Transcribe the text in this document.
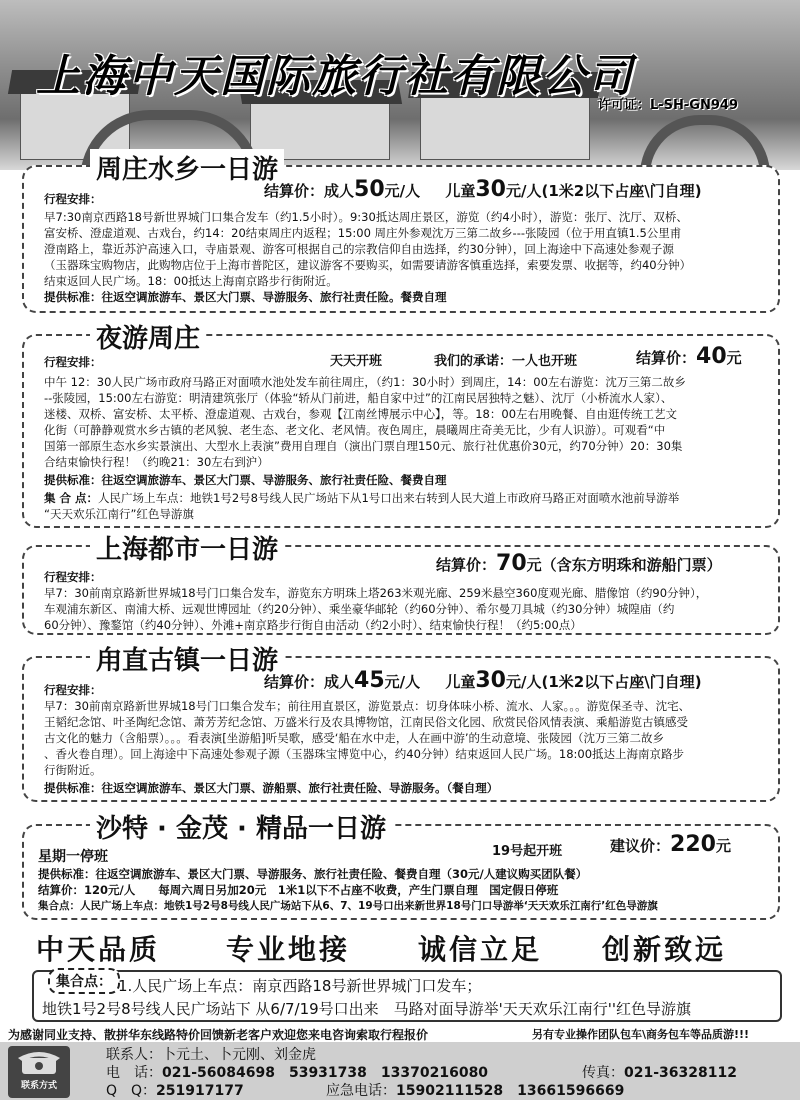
上海中天国际旅行社有限公司
许可证：L-SH-GN949
周庄水乡一日游
行程安排：	结算价：成人50元/人 儿童30元/人(1米2以下占座\门自理)
早7:30南京西路18号新世界城门口集合发车（约1.5小时）。9:30抵达周庄景区，游览（约4小时），游览：张厅、沈厅、双桥、
富安桥、澄虚道观、古戏台，约14：20结束周庄内返程；15:00 周庄外参观沈万三第二故乡---张陵园（位于用直镇1.5公里甫
澄南路上，靠近苏沪高速入口，寺庙景观、游客可根据自己的宗教信仰自由选择，约30分钟），回上海途中下高速处参观子源
（玉器珠宝购物店，此购物店位于上海市普陀区，建议游客不要购买，如需要请游客慎重选择，索要发票、收据等，约40分钟）
结束返回人民广场。18：00抵达上海南京路步行街附近。
提供标准：往返空调旅游车、景区大门票、导游服务、旅行社责任险。餐费自理
夜游周庄
行程安排：	天天开班	我们的承诺：一人也开班	结算价：40元
中午 12：30人民广场市政府马路正对面喷水池处发车前往周庄，（约1：30小时）到周庄，14：00左右游览：沈万三第二故乡
--张陵园，15:00左右游览：明清建筑张厅（体验“轿从门前进，船自家中过”的江南民居独特之魅）、沈厅（小桥流水人家）、
迷楼、双桥、富安桥、太平桥、澄虚道观、古戏台，参观【江南丝博展示中心】，等。18：00左右用晚餐、自由逛传统工艺文
化街（可静静观赏水乡古镇的老风貌、老生态、老文化、老风情。夜色周庄，晨曦周庄奇美无比，少有人识游）。可观看“中
国第一部原生态水乡实景演出、大型水上表演”费用自理自（演出门票自理150元、旅行社优惠价30元，约70分钟）20：30集
合结束愉快行程！（约晚21：30左右到沪）
提供标准：往返空调旅游车、景区大门票、导游服务、旅行社责任险、餐费自理
集 合 点：人民广场上车点：地铁1号2号8号线人民广场站下从1号口出来右转到人民大道上市政府马路正对面喷水池前导游举
“天天欢乐江南行”红色导游旗
上海都市一日游
行程安排：
结算价：70元（含东方明珠和游船门票）
早7：30前南京路新世界城18号门口集合发车，游览东方明珠上塔263米观光廊、259米悬空360度观光廊、腊像馆（约90分钟），
车观浦东新区、南浦大桥、远观世博园址（约20分钟）、乘坐豪华邮轮（约60分钟）、希尔曼刀具城（约30分钟）城隍庙（约
60分钟）、豫鍪馆（约40分钟）、外滩+南京路步行街自由活动（约2小时）、结束愉快行程！（约5:00点）
甪直古镇一日游
行程安排：	结算价：成人45元/人 儿童30元/人(1米2以下占座\门自理)
早7：30前南京路新世界城18号门口集合发车；前往用直景区，游览景点：切身体味小桥、流水、人家。。。游览保圣寺、沈宅、
王韬纪念馆、叶圣陶纪念馆、萧芳芳纪念馆、万盛米行及农具博物馆，江南民俗文化园、欣赏民俗风情表演、乘船游览古镇感受
古文化的魅力（含船票）。。。看表演[坐游船]听吴歌，感受‘船在水中走，人在画中游’的生动意境、张陵园（沈万三第二故乡
、香火卷自理）。回上海途中下高速处参观子源（玉器珠宝博览中心，约40分钟）结束返回人民广场。18:00抵达上海南京路步
行街附近。
提供标准：往返空调旅游车、景区大门票、游船票、旅行社责任险、导游服务。（餐自理）
沙特 · 金茂 · 精品一日游
星期一停班	19号起开班	建议价：220元
提供标准：往返空调旅游车、景区大门票、导游服务、旅行社责任险、餐费自理（30元/人建议购买团队餐）
结算价：120元/人　　每周六周日另加20元　1米1以下不占座不收费，产生门票自理　国定假日停班
集合点：人民广场上车点：地铁1号2号8号线人民广场站下从6、7、19号口出来新世界18号门口导游举‘天天欢乐江南行’红色导游旗
中天品质 专业地接 诚信立足 创新致远
集合点： 1.人民广场上车点：南京西路18号新世界城门口发车；
地铁1号2号8号线人民广场站下 从6/7/19号口出来　马路对面导游举'天天欢乐江南行''红色导游旗
为感谢同业支持、散拼华东线路特价回馈新老客户欢迎您来电咨询索取行程报价	另有专业操作团队包车\商务包车等品质游!!!
联系方式
联系人：卜元土、卜元刚、刘金虎
电　话：021-56084698　53931738　13370216080	传真：021-36328112
Q　Q：251917177	应急电话：15902111528　13661596669
